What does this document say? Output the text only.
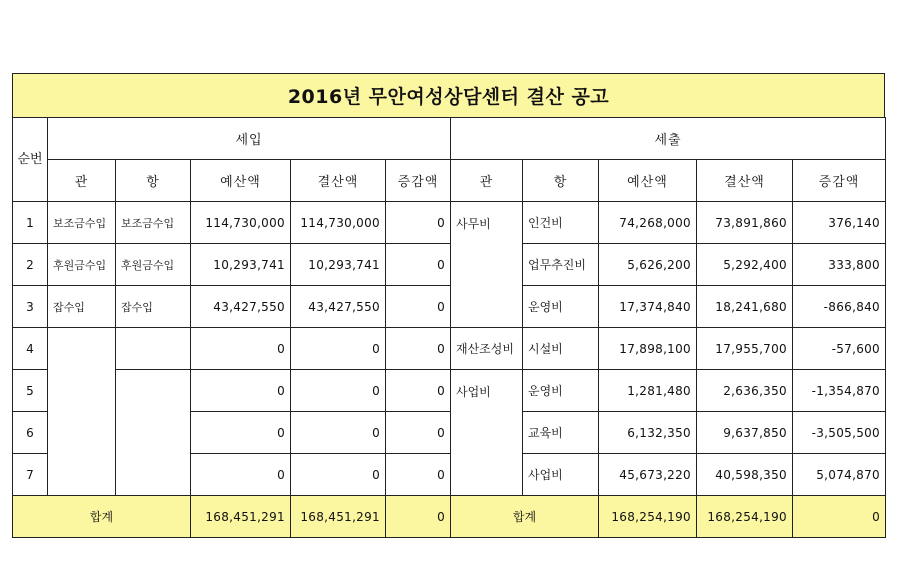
2016년 무안여성상담센터 결산 공고
순번	세입					세출				
	관	항	예산액	결산액	증감액	관	항	예산액	결산액	증감액
1	보조금수입	보조금수입	114,730,000	114,730,000	0	사무비	인건비	74,268,000	73,891,860	376,140
2	후원금수입	후원금수입	10,293,741	10,293,741	0		업무추진비	5,626,200	5,292,400	333,800
3	잡수입	잡수입	43,427,550	43,427,550	0		운영비	17,374,840	18,241,680	-866,840
4			0	0	0	재산조성비	시설비	17,898,100	17,955,700	-57,600
5			0	0	0	사업비	운영비	1,281,480	2,636,350	-1,354,870
6			0	0	0		교육비	6,132,350	9,637,850	-3,505,500
7			0	0	0		사업비	45,673,220	40,598,350	5,074,870
합계			168,451,291	168,451,291	0	합계		168,254,190	168,254,190	0
